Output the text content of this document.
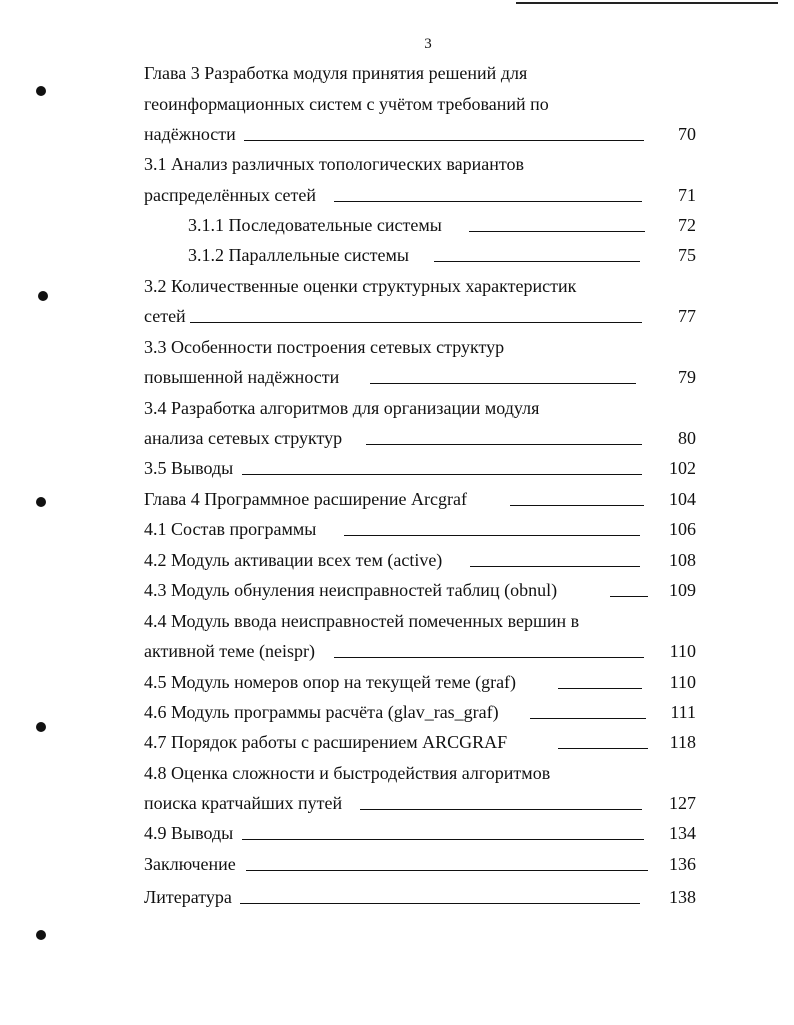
3
Глава 3 Разработка модуля принятия решений для
геоинформационных систем с учётом требований по
надёжности	70
3.1 Анализ различных топологических вариантов
распределённых сетей	71
3.1.1 Последовательные системы	72
3.1.2 Параллельные системы	75
3.2 Количественные оценки структурных характеристик
сетей	77
3.3 Особенности построения сетевых структур
повышенной надёжности	79
3.4 Разработка алгоритмов для организации модуля
анализа сетевых структур	80
3.5 Выводы	102
Глава 4 Программное расширение Arcgraf	104
4.1 Состав программы	106
4.2 Модуль активации всех тем (active)	108
4.3 Модуль обнуления неисправностей таблиц (obnul)	109
4.4 Модуль ввода неисправностей помеченных вершин в
активной теме (neispr)	110
4.5 Модуль номеров опор на текущей теме (graf)	110
4.6 Модуль программы расчёта (glav_ras_graf)	111
4.7 Порядок работы с расширением ARCGRAF	118
4.8 Оценка сложности и быстродействия алгоритмов
поиска кратчайших путей	127
4.9 Выводы	134
Заключение	136
Литература	138
